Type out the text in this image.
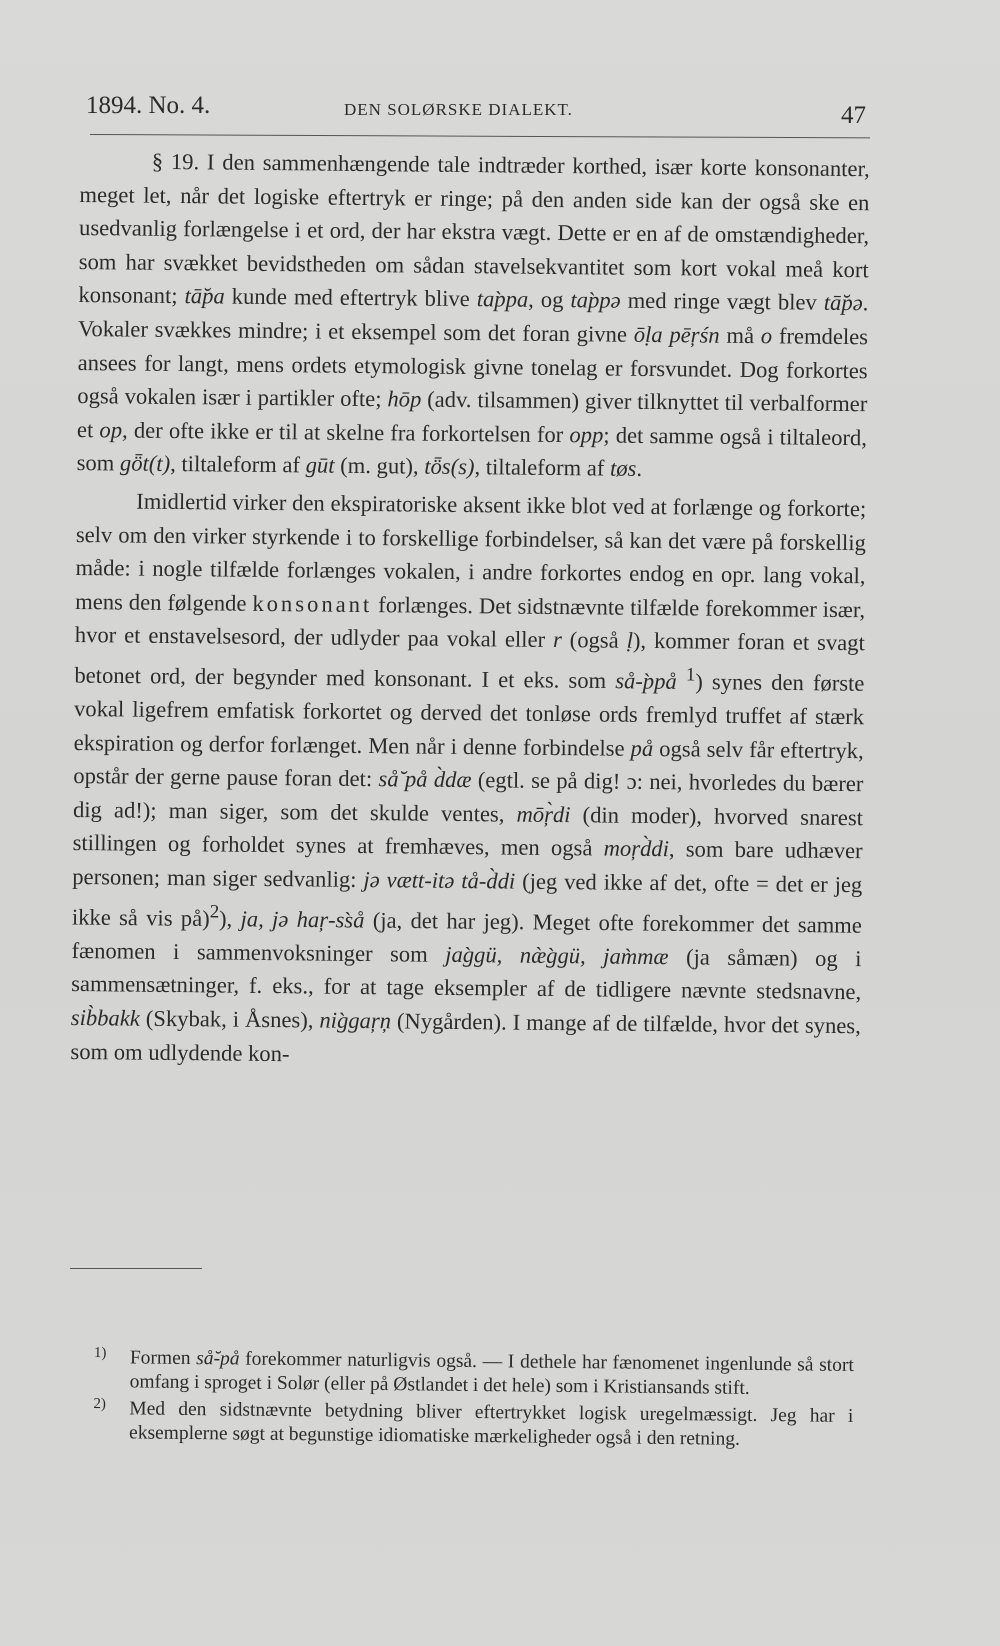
1894. No. 4.	DEN SOLØRSKE DIALEKT.	47

§ 19. I den sammenhængende tale indtræder korthed, især korte konsonanter, meget let, når det logiske eftertryk er ringe; på den anden side kan der også ske en usedvanlig forlængelse i et ord, der har ekstra vægt. Dette er en af de omstændigheder, som har svækket bevidstheden om sådan stavelsekvantitet som kort vokal meå kort konsonant; tā̆pa kunde med eftertryk blive tap̀pa, og tap̀pə med ringe vægt blev tā̆pə. Vokaler svækkes mindre; i et eksempel som det foran givne ōḷa pēŗśn må o fremdeles ansees for langt, mens ordets etymologisk givne tonelag er forsvundet. Dog forkortes også vokalen især i partikler ofte; hōp (adv. tilsammen) giver tilknyttet til verbalformer et op, der ofte ikke er til at skelne fra forkortelsen for opp; det samme også i tiltaleord, som gȫt(t), tiltaleform af gūt (m. gut), tȫs(s), tiltaleform af tøs.

Imidlertid virker den ekspiratoriske aksent ikke blot ved at forlænge og forkorte; selv om den virker styrkende i to forskellige forbindelser, så kan det være på forskellig måde: i nogle tilfælde forlænges vokalen, i andre forkortes endog en opr. lang vokal, mens den følgende konsonant forlænges. Det sidstnævnte tilfælde forekommer især, hvor et enstavelsesord, der udlyder paa vokal eller r (også ḷ), kommer foran et svagt betonet ord, der begynder med konsonant. I et eks. som så-p̀på $^1$) synes den første vokal ligefrem emfatisk forkortet og derved det tonløse ords fremlyd truffet af stærk ekspiration og derfor forlænget. Men når i denne forbindelse på også selv får eftertryk, opstår der gerne pause foran det: så̆ på d̀dæ (egtl. se på dig! ɔ: nei, hvorledes du bærer dig ad!); man siger, som det skulde ventes, mōŗ̀di (din moder), hvorved snarest stillingen og forholdet synes at fremhæves, men også moŗd̀di, som bare udhæver personen; man siger sedvanlig: jə vætt-itə tå-d̀di (jeg ved ikke af det, ofte = det er jeg ikke så vis på)$^2$), ja, jə haŗ-ss̀å (ja, det har jeg). Meget ofte forekommer det samme fænomen i sammenvoksninger som jag̀gü, næ̀g̀gü, jam̀mæ (ja såmæn) og i sammensætninger, f. eks., for at tage eksempler af de tidligere nævnte stedsnavne, sib̀bakk (Skybak, i Åsnes), nig̀gaŗņ (Nygården). I mange af de tilfælde, hvor det synes, som om udlydende kon-

1) Formen så̆-på forekommer naturligvis også. — I dethele har fænomenet ingenlunde så stort omfang i sproget i Solør (eller på Østlandet i det hele) som i Kristiansands stift.
2) Med den sidstnævnte betydning bliver eftertrykket logisk uregelmæssigt. Jeg har i eksemplerne søgt at begunstige idiomatiske mærkeligheder også i den retning.
